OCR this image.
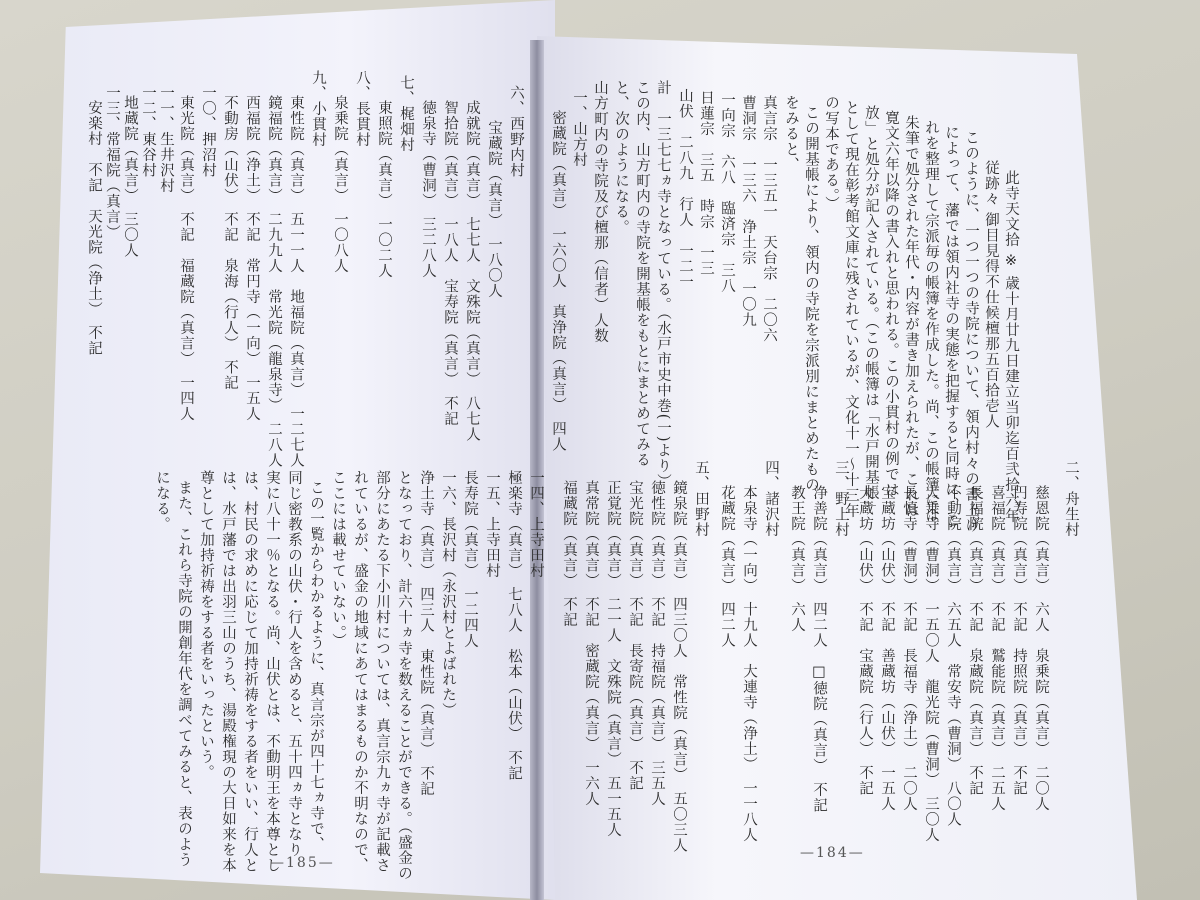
此寺天文拾 ※ 歳十月廿九日建立当卯迄百弐拾六年
従跡々 御目見得不仕候檀那五百拾壱人
このように、一つ一つの寺院について、領内村々の書上げ
によって、藩では領内社寺の実態を把握すると同時に、こ
れを整理して宗派毎の帳簿を作成した。尚、この帳簿には
朱筆で処分された年代・内容が書き加えられたが、これは
寛文六年以降の書入れと思われる。この小貫村の例では
放」と処分が記入されている。（この帳簿は「水戸開基帳」
として現在彰考館文庫に残されているが、文化十一〜十三年
の写本である。）
この開基帳により、領内の寺院を宗派別にまとめたもの
をみると、
真言宗　一三五一　天台宗　二〇六
曹洞宗　一三六　浄土宗　一〇九
一向宗　六八　臨済宗　三八
日蓮宗　三五　時宗　一三
山伏　二八九　行人　一二一
計　一三七七ヵ寺となっている。（水戸市史中巻(一)より）
この内、山方町内の寺院を開基帳をもとにまとめてみる
と、次のようになる。
山方町内の寺院及び檀那（信者）人数
一、山方村
密蔵院（真言）　一六〇人　真浄院（真言）　四人
二、舟生村
慈恩院（真言）　六人　泉乗院（真言）　二〇人
円寿院（真言）　不記　持照院（真言）　不記
喜福院（真言）　不記　鷲能院（真言）　二五人
長福院（真言）　不記　泉蔵院（真言）　不記
不動院（真言）　六五人　常安寺（曹洞）　八〇人
大乗寺（曹洞）　一五〇人　龍光院（曹洞）　三〇人
長慎寺（曹洞）　不記　長福寺（浄土）　二〇人
宝蔵坊（山伏）　不記　善蔵坊（山伏）　一五人
大蔵坊（山伏）　不記　宝蔵院（行人）　不記
三、野上村
浄善院（真言）　四二人　□徳院（真言）　不記
教王院（真言）　六人
四、諸沢村
本泉寺（一向）　十九人　大連寺（浄土）　一一八人
花蔵院（真言）　四二人
五、田野村
鏡泉院（真言）　四三〇人　常性院（真言）　五〇三人
徳性院（真言）　不記　持福院（真言）　三五人
宝光院（真言）　不記　長寄院（真言）　不記
正覚院（真言）　二一人　文殊院（真言）　五一五人
真常院（真言）　不記　密蔵院（真言）　一六人
福蔵院（真言）　不記
—184—
一四、上寺田村
極楽寺（真言）　七八人　松本（山伏）　不記
一五、上寺田村
長寿院（真言）　一二四人
一六、長沢村（永沢村とよばれた）
浄土寺（真言）　四三人　東性院（真言）　不記
となっており、計六十ヵ寺を数えることができる。（盛金の
部分にあたる下小川村については、真言宗九ヵ寺が記載さ
れているが、盛金の地域にあてはまるものか不明なので、
ここには載せていない。）
この一覧からわかるように、真言宗が四十七ヵ寺で、
同じ密教系の山伏・行人を含めると、五十四ヵ寺となり
実に八十一％となる。尚、山伏とは、不動明王を本尊とし
は、村民の求めに応じて加持祈祷をする者をいい、行人と
は、水戸藩では出羽三山のうち、湯殿権現の大日如来を本
尊として加持祈祷をする者をいったという。
また、これら寺院の開創年代を調べてみると、表のよう
になる。
六、西野内村
宝蔵院（真言）　一八〇人
成就院（真言）　七七人　文殊院（真言）　八七人
智拾院（真言）　一八人　宝寿院（真言）　不記
徳泉寺（曹洞）　三二八人
七、梶畑村
東照院（真言）　一〇二人
八、長貫村
泉乗院（真言）　一〇八人
九、小貫村
東性院（真言）　五一一人　地福院（真言）　一二七人
鏡福院（真言）　二九九人　常光院（龍泉寺）　二八人
西福院（浄土）　不記　常円寺（一向）　一五人
不動房（山伏）　不記　泉海（行人）　不記
一〇、押沼村
東光院（真言）　不記　福蔵院（真言）　一四人
一一、生井沢村
一二、東谷村
地蔵院（真言）　三〇人
一三、常福院（真言）
安楽村　不記　天光院（浄土）　不記
—185—
